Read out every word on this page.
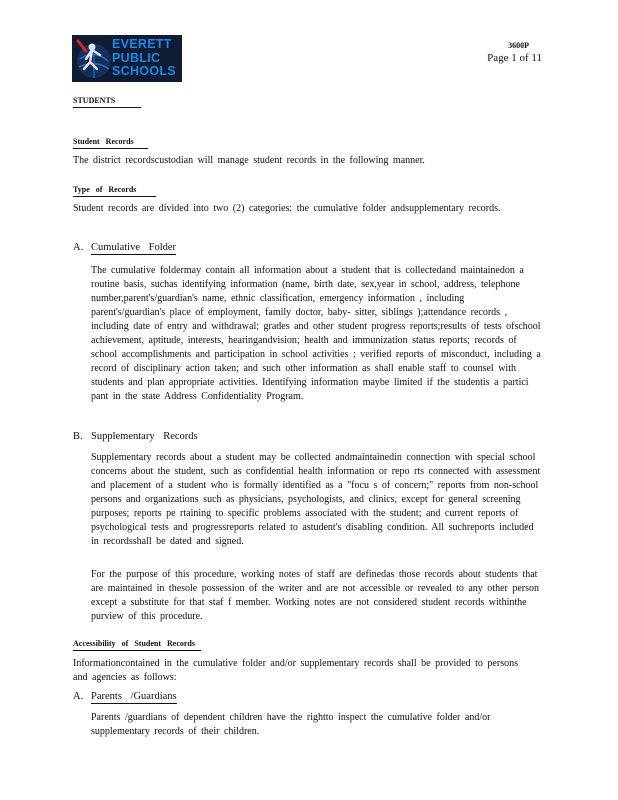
EVERETT
PUBLIC
SCHOOLS
3600P
Page 1 of 11
STUDENTS
Student Records
The district recordscustodian will manage student records in the following manner.
Type of Records
Student records are divided into two (2) categories: the cumulative folder andsupplementary records.
A. Cumulative Folder
The cumulative foldermay contain all information about a student that is collectedand maintainedon a routine basis, suchas identifying information (name, birth date, sex,year in school, address, telephone number,parent's/guardian's name, ethnic classification, emergency information , including parent's/guardian's place of employment, family doctor, baby- sitter, siblings );attendance records , including date of entry and withdrawal; grades and other student progress reports;results of tests ofschool achievement, aptitude, interests, hearingandvision; health and immunization status reports; records of school accomplishments and participation in school activities ; verified reports of misconduct, including a record of disciplinary action taken; and such other information as shall enable staff to counsel with students and plan appropriate activities. Identifying information maybe limited if the studentis a partici pant in the state Address Confidentiality Program.
B. Supplementary Records
Supplementary records about a student may be collected andmaintainedin connection with special school concerns about the student, such as confidential health information or repo rts connected with assessment and placement of a student who is formally identified as a "focu s of concern;" reports from non-school persons and organizations such as physicians, psychologists, and clinics, except for general screening purposes; reports pe rtaining to specific problems associated with the student; and current reports of psychological tests and progressreports related to astudent's disabling condition. All suchreports included in recordsshall be dated and signed.
For the purpose of this procedure, working notes of staff are definedas those records about students that are maintained in thesole possession of the writer and are not accessible or revealed to any other person except a substitute for that staf f member. Working notes are not considered student records withinthe purview of this procedure.
Accessibility of Student Records
Informationcontained in the cumulative folder and/or supplementary records shall be provided to persons and agencies as follows:
A. Parents /Guardians
Parents /guardians of dependent children have the rightto inspect the cumulative folder and/or supplementary records of their children.
